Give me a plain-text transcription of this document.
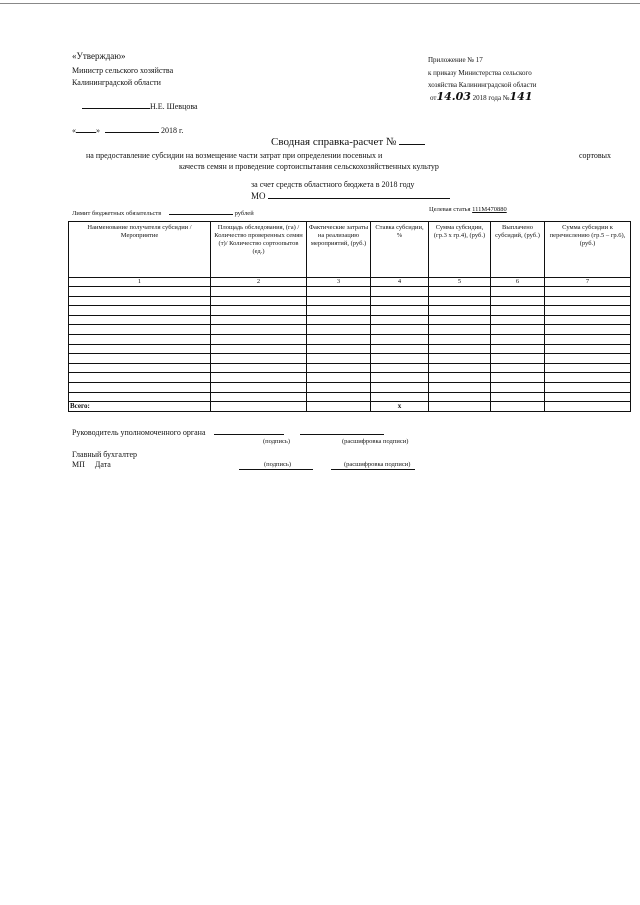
«Утверждаю»
Министр сельского хозяйства
Калининградской области
Н.Е. Шевцова
«	»	2018 г.
Приложение № 17
к приказу Министерства сельского
хозяйства Калининградской области
от14.03 2018 года №141
Сводная справка-расчет №
на предоставление субсидии на возмещение части затрат при определении посевных и	сортовых
качеств семян и проведение сортоиспытания сельскохозяйственных культур
за счет средств областного бюджета в 2018 году
МО
Лимит бюджетных обязательств	рублей
Целевая статья 111М470880
Наименование получателя субсидии / Мероприятие	Площадь обследования, (га) / Количество проверенных семян (т)/ Количество сортоопытов (ед.)	Фактические затраты на реализацию мероприятий, (руб.)	Ставка субсидии, %	Сумма субсидии, (гр.3 х гр.4), (руб.)	Выплачено субсидий, (руб.)	Сумма субсидии к перечислению (гр.5 – гр.6), (руб.)
1	2	3	4	5	6	7

Всего:			х			
Руководитель уполномоченного органа
(подпись)	(расшифровка подписи)
Главный бухгалтер

МП Дата	(подпись)	(расшифровка подписи)
